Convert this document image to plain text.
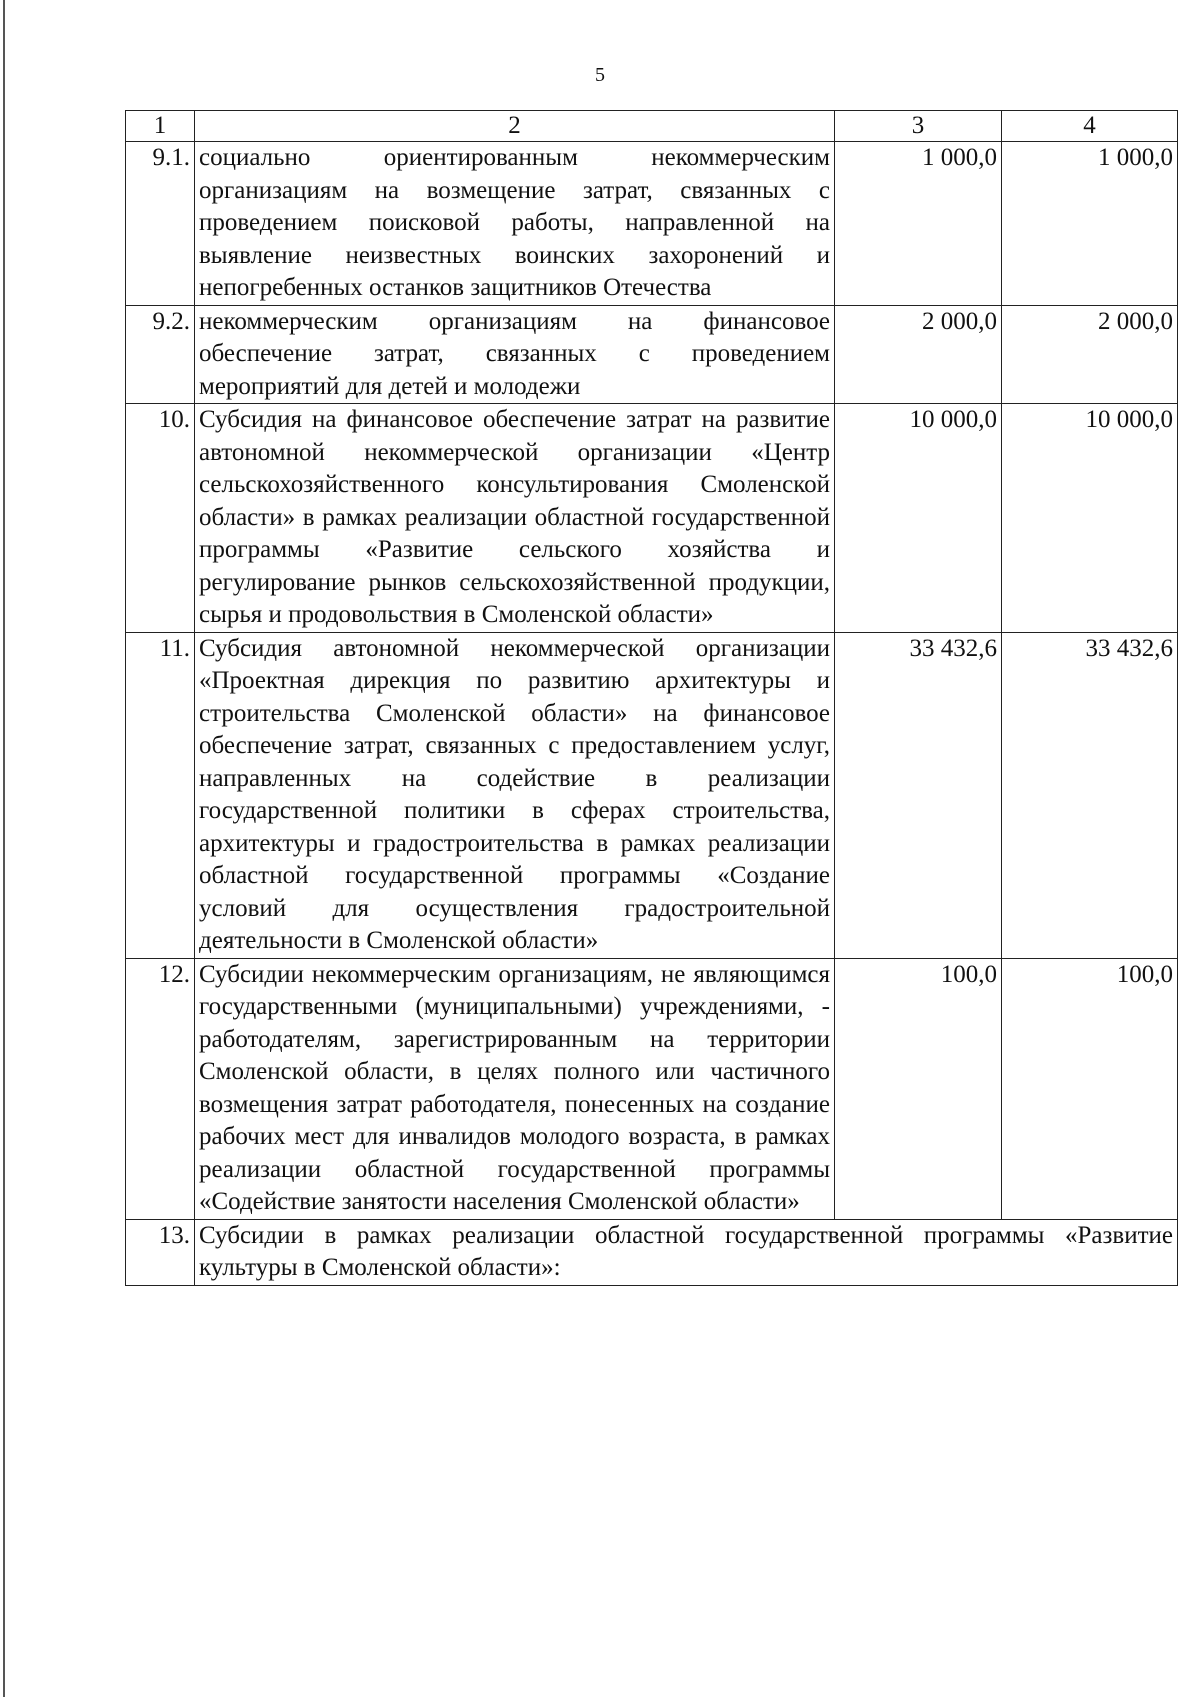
5
1	2	3	4
9.1.	социально ориентированным некоммерческим организациям на возмещение затрат, связанных с проведением поисковой работы, направленной на выявление неизвестных воинских захоронений и непогребенных останков защитников Отечества	1 000,0	1 000,0
9.2.	некоммерческим организациям на финансовое обеспечение затрат, связанных с проведением мероприятий для детей и молодежи	2 000,0	2 000,0
10.	Субсидия на финансовое обеспечение затрат на развитие автономной некоммерческой организации «Центр сельскохозяйственного консультирования Смоленской области» в рамках реализации областной государственной программы «Развитие сельского хозяйства и регулирование рынков сельскохозяйственной продукции, сырья и продовольствия в Смоленской области»	10 000,0	10 000,0
11.	Субсидия автономной некоммерческой организации «Проектная дирекция по развитию архитектуры и строительства Смоленской области» на финансовое обеспечение затрат, связанных с предоставлением услуг, направленных на содействие в реализации государственной политики в сферах строительства, архитектуры и градостроительства в рамках реализации областной государственной программы «Создание условий для осуществления градостроительной деятельности в Смоленской области»	33 432,6	33 432,6
12.	Субсидии некоммерческим организациям, не являющимся государственными (муниципальными) учреждениями, - работодателям, зарегистрированным на территории Смоленской области, в целях полного или частичного возмещения затрат работодателя, понесенных на создание рабочих мест для инвалидов молодого возраста, в рамках реализации областной государственной программы «Содействие занятости населения Смоленской области»	100,0	100,0
13.	Субсидии в рамках реализации областной государственной программы «Развитие культуры в Смоленской области»:		
